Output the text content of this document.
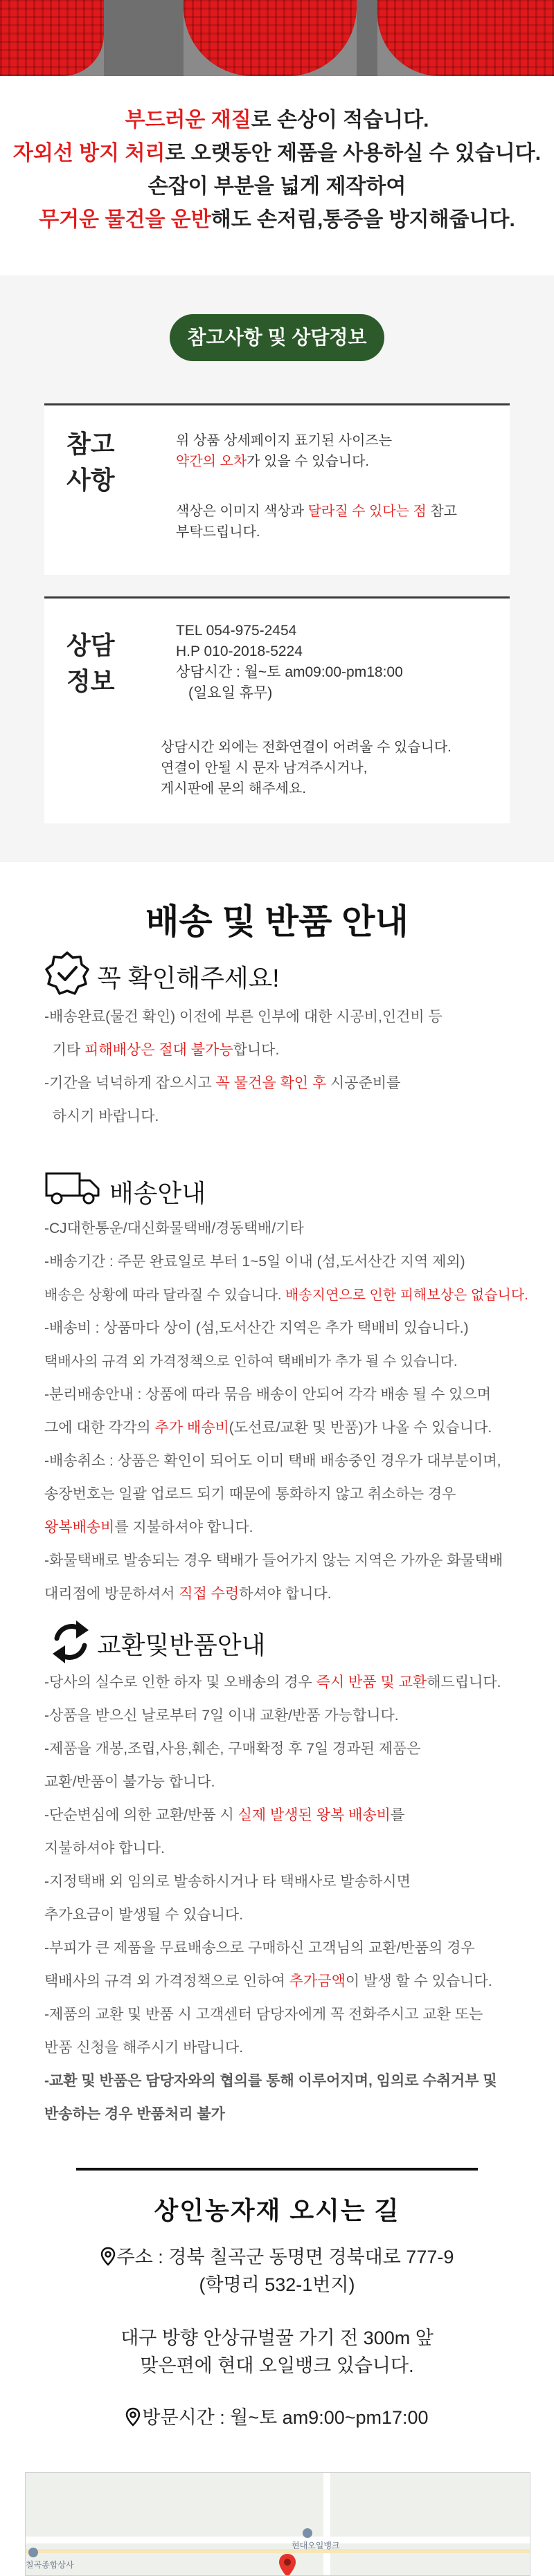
부드러운 재질로 손상이 적습니다.
자외선 방지 처리로 오랫동안 제품을 사용하실 수 있습니다.
손잡이 부분을 넓게 제작하여
무거운 물건을 운반해도 손저림,통증을 방지해줍니다.
참고사항 및 상담정보
참고
사항
위 상품 상세페이지 표기된 사이즈는
약간의 오차가 있을 수 있습니다.
색상은 이미지 색상과 달라질 수 있다는 점 참고
부탁드립니다.
상담
정보
TEL 054-975-2454
H.P 010-2018-5224
상담시간 : 월~토 am09:00-pm18:00
(일요일 휴무)
상담시간 외에는 전화연결이 어려울 수 있습니다.
연결이 안될 시 문자 남겨주시거나,
게시판에 문의 해주세요.
배송 및 반품 안내
꼭 확인해주세요!
-배송완료(물건 확인) 이전에 부른 인부에 대한 시공비,인건비 등
기타 피해배상은 절대 불가능합니다.
-기간을 넉넉하게 잡으시고 꼭 물건을 확인 후 시공준비를
하시기 바랍니다.
배송안내
-CJ대한통운/대신화물택배/경동택배/기타
-배송기간 : 주문 완료일로 부터 1~5일 이내 (섬,도서산간 지역 제외)
배송은 상황에 따라 달라질 수 있습니다. 배송지연으로 인한 피해보상은 없습니다.
-배송비 : 상품마다 상이 (섬,도서산간 지역은 추가 택배비 있습니다.)
택배사의 규격 외 가격정책으로 인하여 택배비가 추가 될 수 있습니다.
-분리배송안내 : 상품에 따라 묶음 배송이 안되어 각각 배송 될 수 있으며
그에 대한 각각의 추가 배송비(도선료/교환 및 반품)가 나올 수 있습니다.
-배송취소 : 상품은 확인이 되어도 이미 택배 배송중인 경우가 대부분이며,
송장번호는 일괄 업로드 되기 때문에 통화하지 않고 취소하는 경우
왕복배송비를 지불하셔야 합니다.
-화물택배로 발송되는 경우 택배가 들어가지 않는 지역은 가까운 화물택배
대리점에 방문하셔서 직접 수령하셔야 합니다.
교환및반품안내
-당사의 실수로 인한 하자 및 오배송의 경우 즉시 반품 및 교환해드립니다.
-상품을 받으신 날로부터 7일 이내 교환/반품 가능합니다.
-제품을 개봉,조립,사용,훼손, 구매확정 후 7일 경과된 제품은
교환/반품이 불가능 합니다.
-단순변심에 의한 교환/반품 시 실제 발생된 왕복 배송비를
지불하셔야 합니다.
-지정택배 외 임의로 발송하시거나 타 택배사로 발송하시면
추가요금이 발생될 수 있습니다.
-부피가 큰 제품을 무료배송으로 구매하신 고객님의 교환/반품의 경우
택배사의 규격 외 가격정책으로 인하여 추가금액이 발생 할 수 있습니다.
-제품의 교환 및 반품 시 고객센터 담당자에게 꼭 전화주시고 교환 또는
반품 신청을 해주시기 바랍니다.
-교환 및 반품은 담당자와의 협의를 통해 이루어지며, 임의로 수취거부 및
반송하는 경우 반품처리 불가
상인농자재 오시는 길
주소 : 경북 칠곡군 동명면 경북대로 777-9
(학명리 532-1번지)
대구 방향 안상규벌꿀 가기 전 300m 앞
맞은편에 현대 오일뱅크 있습니다.
방문시간 : 월~토 am9:00~pm17:00
칠곡종합상사
현대오일뱅크
